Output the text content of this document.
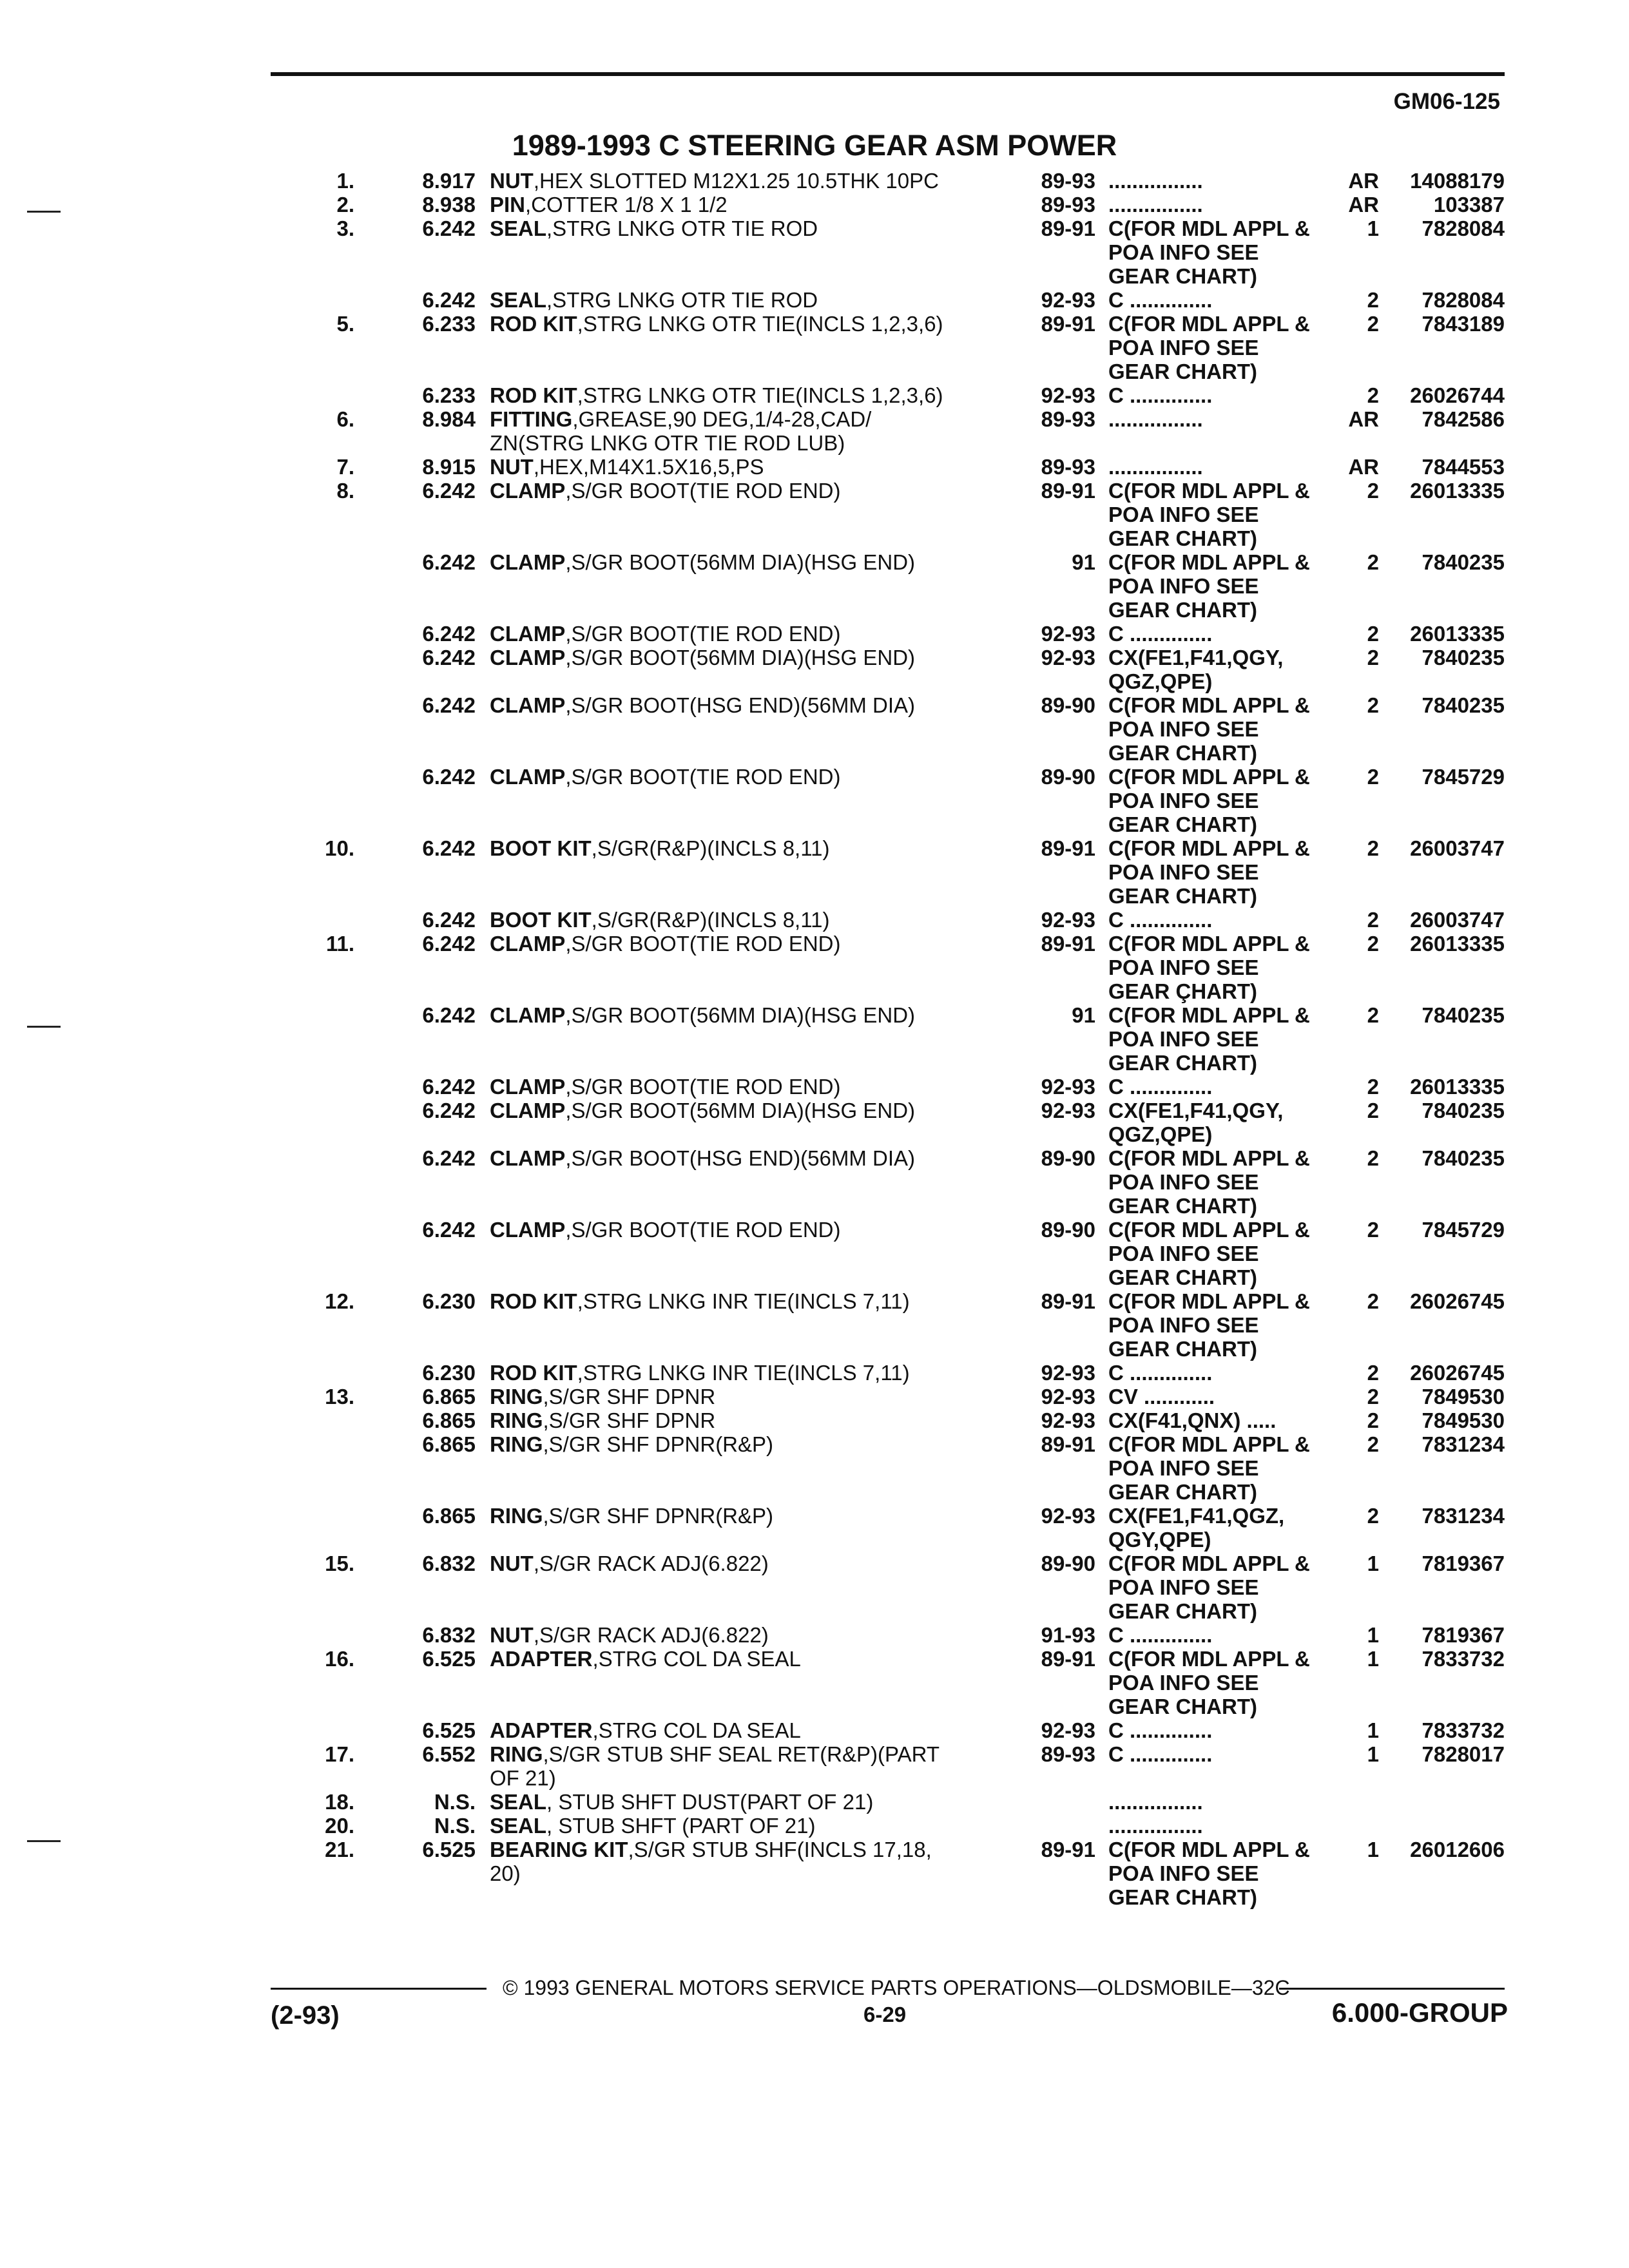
GM06-125
1989-1993 C STEERING GEAR ASM POWER
1.	8.917 NUT,HEX SLOTTED M12X1.25 10.5THK 10PC	89-93 ................	AR	14088179
2.	8.938 PIN,COTTER 1/8 X 1 1/2	89-93 ................	AR	103387
3.	6.242 SEAL,STRG LNKG OTR TIE ROD	89-91 C(FOR MDL APPL &	1	7828084
POA INFO SEE
GEAR CHART)
6.242 SEAL,STRG LNKG OTR TIE ROD	92-93 C ..............	2	7828084
5.	6.233 ROD KIT,STRG LNKG OTR TIE(INCLS 1,2,3,6)	89-91 C(FOR MDL APPL &	2	7843189
POA INFO SEE
GEAR CHART)
6.233 ROD KIT,STRG LNKG OTR TIE(INCLS 1,2,3,6)	92-93 C ..............	2	26026744
6.	8.984 FITTING,GREASE,90 DEG,1/4-28,CAD/	89-93 ................	AR	7842586
ZN(STRG LNKG OTR TIE ROD LUB)
7.	8.915 NUT,HEX,M14X1.5X16,5,PS	89-93 ................	AR	7844553
8.	6.242 CLAMP,S/GR BOOT(TIE ROD END)	89-91 C(FOR MDL APPL &	2	26013335
POA INFO SEE
GEAR CHART)
6.242 CLAMP,S/GR BOOT(56MM DIA)(HSG END)	91 C(FOR MDL APPL &	2	7840235
POA INFO SEE
GEAR CHART)
6.242 CLAMP,S/GR BOOT(TIE ROD END)	92-93 C ..............	2	26013335
6.242 CLAMP,S/GR BOOT(56MM DIA)(HSG END)	92-93 CX(FE1,F41,QGY,	2	7840235
QGZ,QPE)
6.242 CLAMP,S/GR BOOT(HSG END)(56MM DIA)	89-90 C(FOR MDL APPL &	2	7840235
POA INFO SEE
GEAR CHART)
6.242 CLAMP,S/GR BOOT(TIE ROD END)	89-90 C(FOR MDL APPL &	2	7845729
POA INFO SEE
GEAR CHART)
10.	6.242 BOOT KIT,S/GR(R&P)(INCLS 8,11)	89-91 C(FOR MDL APPL &	2	26003747
POA INFO SEE
GEAR CHART)
6.242 BOOT KIT,S/GR(R&P)(INCLS 8,11)	92-93 C ..............	2	26003747
11.	6.242 CLAMP,S/GR BOOT(TIE ROD END)	89-91 C(FOR MDL APPL &	2	26013335
POA INFO SEE
GEAR ÇHART)
6.242 CLAMP,S/GR BOOT(56MM DIA)(HSG END)	91 C(FOR MDL APPL &	2	7840235
POA INFO SEE
GEAR CHART)
6.242 CLAMP,S/GR BOOT(TIE ROD END)	92-93 C ..............	2	26013335
6.242 CLAMP,S/GR BOOT(56MM DIA)(HSG END)	92-93 CX(FE1,F41,QGY,	2	7840235
QGZ,QPE)
6.242 CLAMP,S/GR BOOT(HSG END)(56MM DIA)	89-90 C(FOR MDL APPL &	2	7840235
POA INFO SEE
GEAR CHART)
6.242 CLAMP,S/GR BOOT(TIE ROD END)	89-90 C(FOR MDL APPL &	2	7845729
POA INFO SEE
GEAR CHART)
12.	6.230 ROD KIT,STRG LNKG INR TIE(INCLS 7,11)	89-91 C(FOR MDL APPL &	2	26026745
POA INFO SEE
GEAR CHART)
6.230 ROD KIT,STRG LNKG INR TIE(INCLS 7,11)	92-93 C ..............	2	26026745
13.	6.865 RING,S/GR SHF DPNR	92-93 CV ............	2	7849530
6.865 RING,S/GR SHF DPNR	92-93 CX(F41,QNX) .....	2	7849530
6.865 RING,S/GR SHF DPNR(R&P)	89-91 C(FOR MDL APPL &	2	7831234
POA INFO SEE
GEAR CHART)
6.865 RING,S/GR SHF DPNR(R&P)	92-93 CX(FE1,F41,QGZ,	2	7831234
QGY,QPE)
15.	6.832 NUT,S/GR RACK ADJ(6.822)	89-90 C(FOR MDL APPL &	1	7819367
POA INFO SEE
GEAR CHART)
6.832 NUT,S/GR RACK ADJ(6.822)	91-93 C ..............	1	7819367
16.	6.525 ADAPTER,STRG COL DA SEAL	89-91 C(FOR MDL APPL &	1	7833732
POA INFO SEE
GEAR CHART)
6.525 ADAPTER,STRG COL DA SEAL	92-93 C ..............	1	7833732
17.	6.552 RING,S/GR STUB SHF SEAL RET(R&P)(PART	89-93 C ..............	1	7828017
OF 21)
18.	N.S. SEAL, STUB SHFT DUST(PART OF 21)	................
20.	N.S. SEAL, STUB SHFT (PART OF 21)	................
21.	6.525 BEARING KIT,S/GR STUB SHF(INCLS 17,18,	89-91 C(FOR MDL APPL &	1	26012606
20)	POA INFO SEE
GEAR CHART)
© 1993 GENERAL MOTORS SERVICE PARTS OPERATIONS—OLDSMOBILE—32C
(2-93)	6-29	6.000-GROUP
